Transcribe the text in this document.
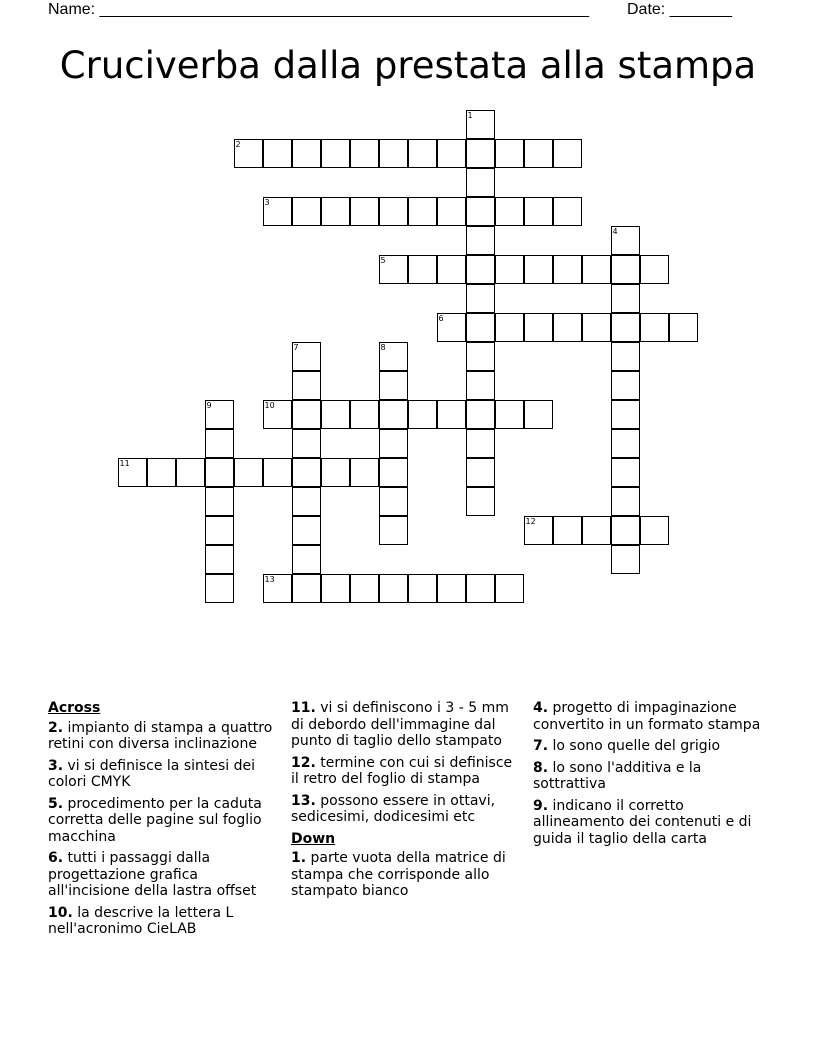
Name: _______________________________________________________ Date: _______
Cruciverba dalla prestata alla stampa
1
2
3
4
5
6
7	8
9	10
11
12
13
Across
2. impianto di stampa a quattro retini con diversa inclinazione
3. vi si definisce la sintesi dei colori CMYK
5. procedimento per la caduta corretta delle pagine sul foglio macchina
6. tutti i passaggi dalla progettazione grafica all'incisione della lastra offset
10. la descrive la lettera L nell'acronimo CieLAB
11. vi si definiscono i 3 - 5 mm di debordo dell'immagine dal punto di taglio dello stampato
12. termine con cui si definisce il retro del foglio di stampa
13. possono essere in ottavi, sedicesimi, dodicesimi etc
Down
1. parte vuota della matrice di stampa che corrisponde allo stampato bianco
4. progetto di impaginazione convertito in un formato stampa
7. lo sono quelle del grigio
8. lo sono l'additiva e la sottrattiva
9. indicano il corretto allineamento dei contenuti e di guida il taglio della carta
